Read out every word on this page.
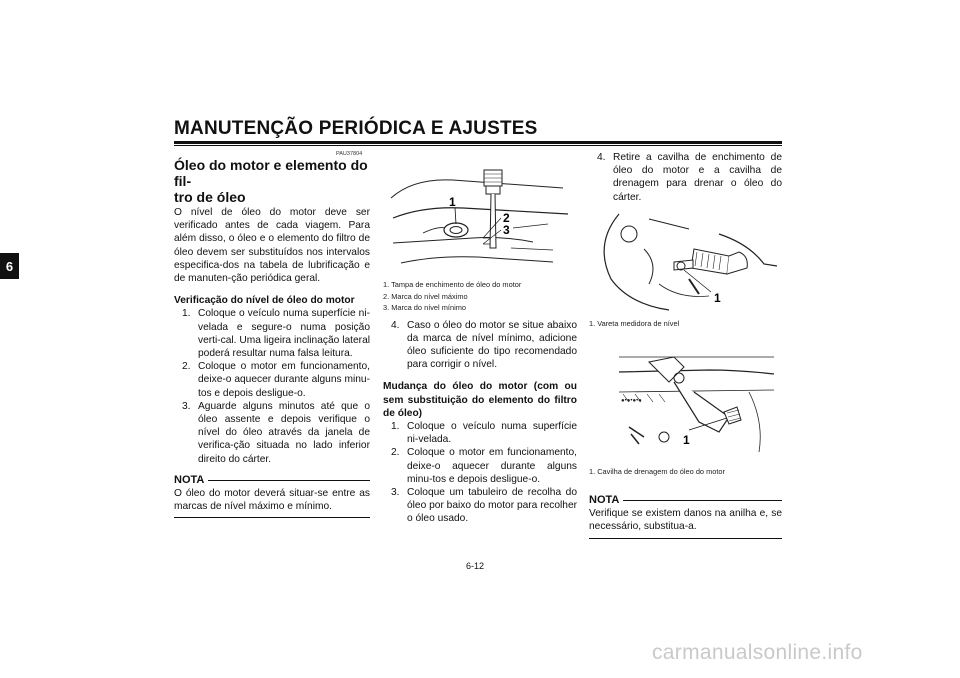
MANUTENÇÃO PERIÓDICA E AJUSTES
6
PAU37804
Óleo do motor e elemento do fil-
tro de óleo
O nível de óleo do motor deve ser verificado antes de cada viagem. Para além disso, o óleo e o elemento do filtro de óleo devem ser substituídos nos intervalos especifica-dos na tabela de lubrificação e de manuten-ção periódica geral.
Verificação do nível de óleo do motor
1. Coloque o veículo numa superfície ni-velada e segure-o numa posição verti-cal. Uma ligeira inclinação lateral poderá resultar numa falsa leitura.
2. Coloque o motor em funcionamento, deixe-o aquecer durante alguns minu-tos e depois desligue-o.
3. Aguarde alguns minutos até que o óleo assente e depois verifique o nível do óleo através da janela de verifica-ção situada no lado inferior direito do cárter.
NOTA
O óleo do motor deverá situar-se entre as marcas de nível máximo e mínimo.
1
2
3
1. Tampa de enchimento de óleo do motor
2. Marca do nível máximo
3. Marca do nível mínimo
4. Caso o óleo do motor se situe abaixo da marca de nível mínimo, adicione óleo suficiente do tipo recomendado para corrigir o nível.
Mudança do óleo do motor (com ou sem substituição do elemento do filtro de óleo)
1. Coloque o veículo numa superfície ni-velada.
2. Coloque o motor em funcionamento, deixe-o aquecer durante alguns minu-tos e depois desligue-o.
3. Coloque um tabuleiro de recolha do óleo por baixo do motor para recolher o óleo usado.
4. Retire a cavilha de enchimento de óleo do motor e a cavilha de drenagem para drenar o óleo do cárter.
1
1. Vareta medidora de nível
●•●•●•●
1
1. Cavilha de drenagem do óleo do motor
NOTA
Verifique se existem danos na anilha e, se necessário, substitua-a.
6-12
carmanualsonline.info
